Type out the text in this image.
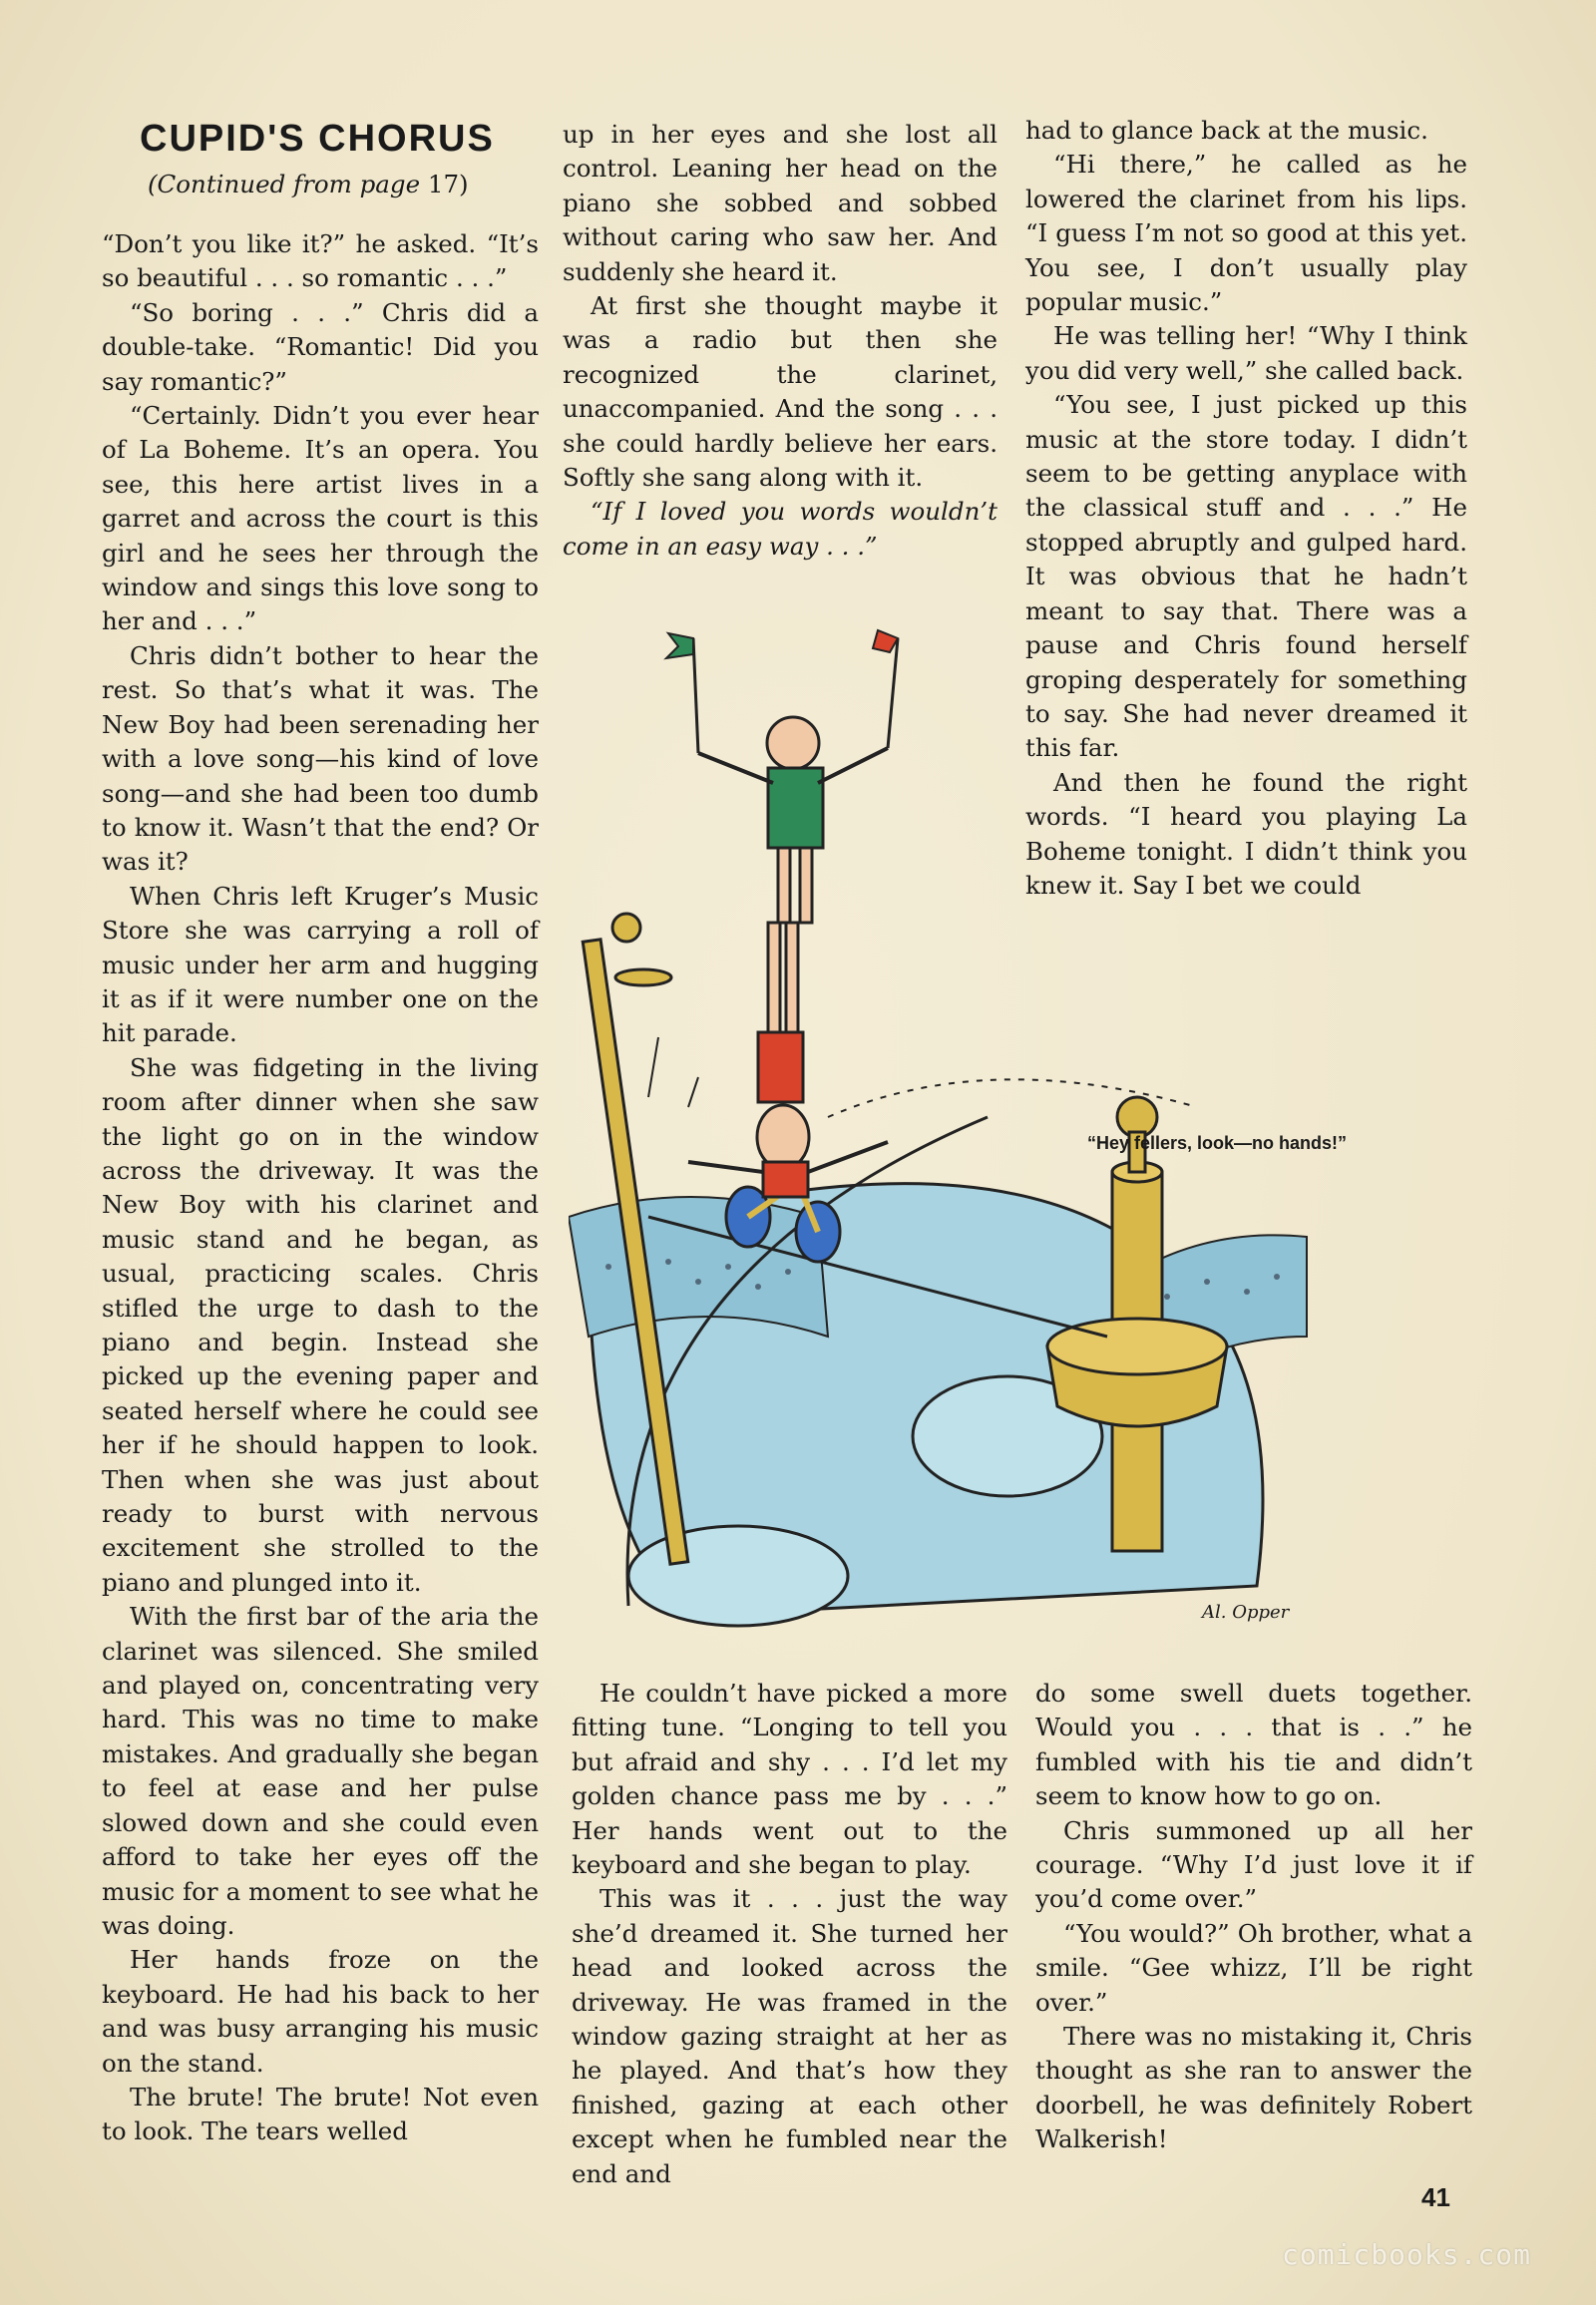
CUPID'S CHORUS
(Continued from page 17)

“Don’t you like it?” he asked. “It’s so beautiful . . . so romantic . . .”

“So boring . . .” Chris did a double-take. “Romantic! Did you say romantic?”

“Certainly. Didn’t you ever hear of La Boheme. It’s an opera. You see, this here artist lives in a garret and across the court is this girl and he sees her through the window and sings this love song to her and . . .”

Chris didn’t bother to hear the rest. So that’s what it was. The New Boy had been serenading her with a love song—his kind of love song—and she had been too dumb to know it. Wasn’t that the end? Or was it?

When Chris left Kruger’s Music Store she was carrying a roll of music under her arm and hugging it as if it were number one on the hit parade.

She was fidgeting in the living room after dinner when she saw the light go on in the window across the driveway. It was the New Boy with his clarinet and music stand and he began, as usual, practicing scales. Chris stifled the urge to dash to the piano and begin. Instead she picked up the evening paper and seated herself where he could see her if he should happen to look. Then when she was just about ready to burst with nervous excitement she strolled to the piano and plunged into it.

With the first bar of the aria the clarinet was silenced. She smiled and played on, concentrating very hard. This was no time to make mistakes. And gradually she began to feel at ease and her pulse slowed down and she could even afford to take her eyes off the music for a moment to see what he was doing.

Her hands froze on the keyboard. He had his back to her and was busy arranging his music on the stand.

The brute! The brute! Not even to look. The tears welled

up in her eyes and she lost all control. Leaning her head on the piano she sobbed and sobbed without caring who saw her. And suddenly she heard it.

At first she thought maybe it was a radio but then she recognized the clarinet, unaccompanied. And the song . . . she could hardly believe her ears. Softly she sang along with it.

“If I loved you words wouldn’t come in an easy way . . .”

He couldn’t have picked a more fitting tune. “Longing to tell you but afraid and shy . . . I’d let my golden chance pass me by . . .” Her hands went out to the keyboard and she began to play.

This was it . . . just the way she’d dreamed it. She turned her head and looked across the driveway. He was framed in the window gazing straight at her as he played. And that’s how they finished, gazing at each other except when he fumbled near the end and

had to glance back at the music.

“Hi there,” he called as he lowered the clarinet from his lips. “I guess I’m not so good at this yet. You see, I don’t usually play popular music.”

He was telling her! “Why I think you did very well,” she called back.

“You see, I just picked up this music at the store today. I didn’t seem to be getting anyplace with the classical stuff and . . .” He stopped abruptly and gulped hard. It was obvious that he hadn’t meant to say that. There was a pause and Chris found herself groping desperately for something to say. She had never dreamed it this far.

And then he found the right words. “I heard you playing La Boheme tonight. I didn’t think you knew it. Say I bet we could

do some swell duets together. Would you . . . that is . .” he fumbled with his tie and didn’t seem to know how to go on.

Chris summoned up all her courage. “Why I’d just love it if you’d come over.”

“You would?” Oh brother, what a smile. “Gee whizz, I’ll be right over.”

There was no mistaking it, Chris thought as she ran to answer the doorbell, he was definitely Robert Walkerish!

“Hey fellers, look—no hands!”
Al. Opper
41
comicbooks.com
